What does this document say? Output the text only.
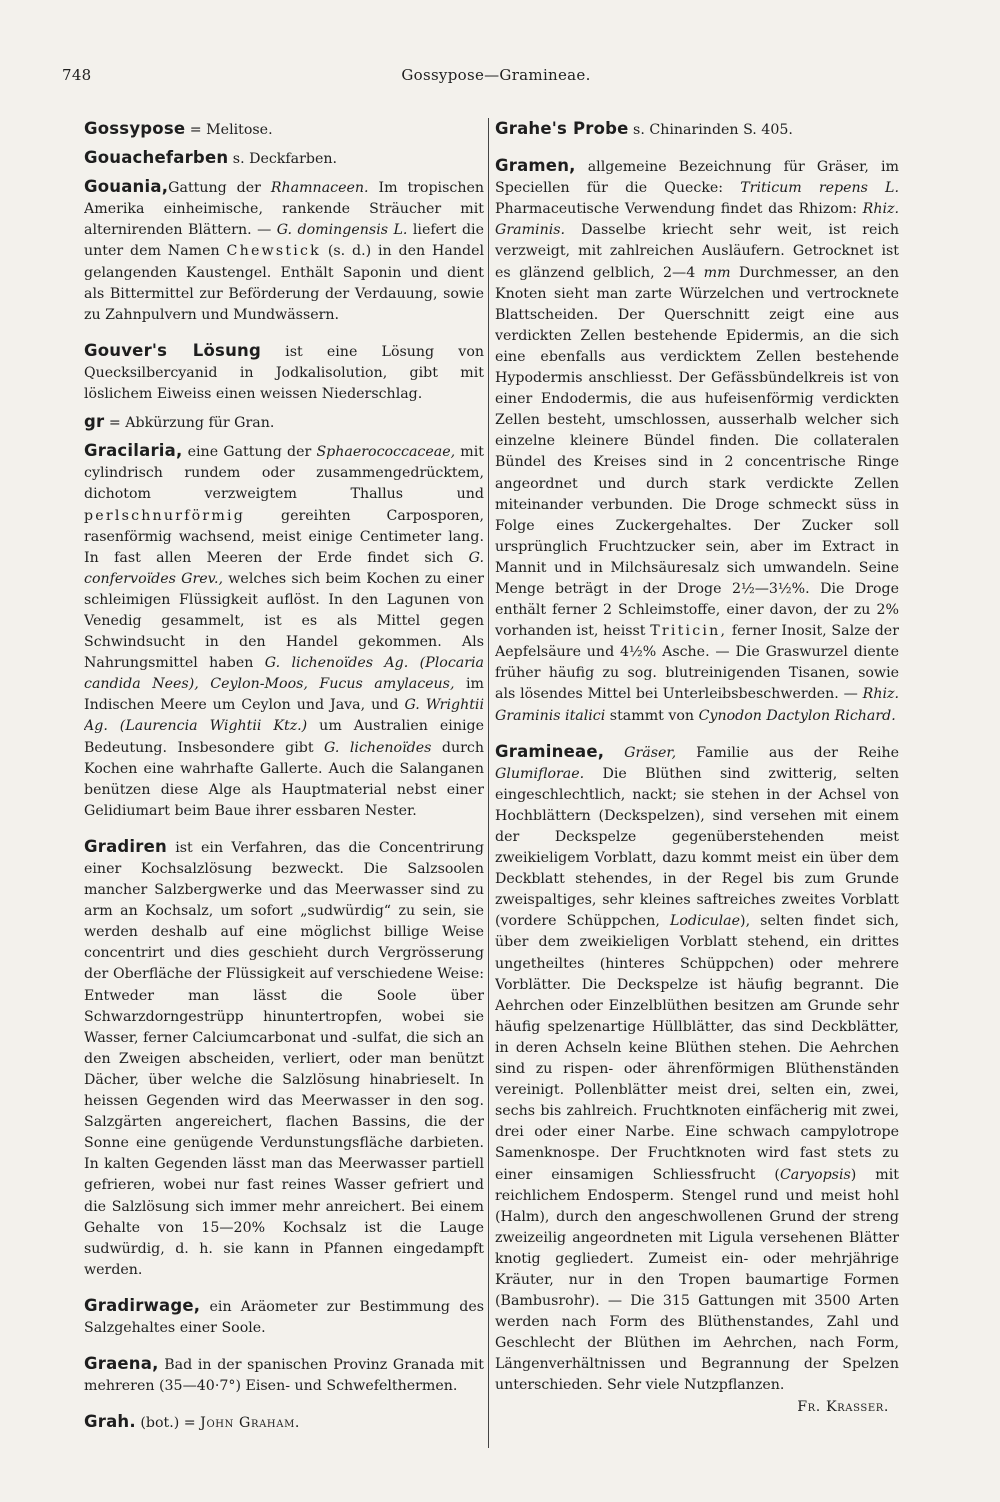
748	Gossypose—Gramineae.

Gossypose = Melitose.

Gouachefarben s. Deckfarben.

Gouania,Gattung der Rhamnaceen. Im tropischen Amerika einheimische, rankende Sträucher mit alternirenden Blättern. — G. domingensis L. liefert die unter dem Namen Chewstick (s. d.) in den Handel gelangenden Kaustengel. Enthält Saponin und dient als Bittermittel zur Beförderung der Verdauung, sowie zu Zahnpulvern und Mundwässern.

Gouver's Lösung ist eine Lösung von Quecksilbercyanid in Jodkalisolution, gibt mit löslichem Eiweiss einen weissen Niederschlag.

gr = Abkürzung für Gran.

Gracilaria, eine Gattung der Sphaerococcaceae, mit cylindrisch rundem oder zusammengedrücktem, dichotom verzweigtem Thallus und perlschnurförmig gereihten Carposporen, rasenförmig wachsend, meist einige Centimeter lang. In fast allen Meeren der Erde findet sich G. confervoïdes Grev., welches sich beim Kochen zu einer schleimigen Flüssigkeit auflöst. In den Lagunen von Venedig gesammelt, ist es als Mittel gegen Schwindsucht in den Handel gekommen. Als Nahrungsmittel haben G. lichenoïdes Ag. (Plocaria candida Nees), Ceylon-Moos, Fucus amylaceus, im Indischen Meere um Ceylon und Java, und G. Wrightii Ag. (Laurencia Wightii Ktz.) um Australien einige Bedeutung. Insbesondere gibt G. lichenoïdes durch Kochen eine wahrhafte Gallerte. Auch die Salanganen benützen diese Alge als Hauptmaterial nebst einer Gelidiumart beim Baue ihrer essbaren Nester.

Gradiren ist ein Verfahren, das die Concentrirung einer Kochsalzlösung bezweckt. Die Salzsoolen mancher Salzbergwerke und das Meerwasser sind zu arm an Kochsalz, um sofort „sudwürdig“ zu sein, sie werden deshalb auf eine möglichst billige Weise concentrirt und dies geschieht durch Vergrösserung der Oberfläche der Flüssigkeit auf verschiedene Weise: Entweder man lässt die Soole über Schwarzdorngestrüpp hinuntertropfen, wobei sie Wasser, ferner Calciumcarbonat und -sulfat, die sich an den Zweigen abscheiden, verliert, oder man benützt Dächer, über welche die Salzlösung hinabrieselt. In heissen Gegenden wird das Meerwasser in den sog. Salzgärten angereichert, flachen Bassins, die der Sonne eine genügende Verdunstungsfläche darbieten. In kalten Gegenden lässt man das Meerwasser partiell gefrieren, wobei nur fast reines Wasser gefriert und die Salzlösung sich immer mehr anreichert. Bei einem Gehalte von 15—20% Kochsalz ist die Lauge sudwürdig, d. h. sie kann in Pfannen eingedampft werden.

Gradirwage, ein Aräometer zur Bestimmung des Salzgehaltes einer Soole.

Graena, Bad in der spanischen Provinz Granada mit mehreren (35—40·7°) Eisen- und Schwefelthermen.

Grah. (bot.) = John Graham.

Grahe's Probe s. Chinarinden S. 405.

Gramen, allgemeine Bezeichnung für Gräser, im Speciellen für die Quecke: Triticum repens L. Pharmaceutische Verwendung findet das Rhizom: Rhiz. Graminis. Dasselbe kriecht sehr weit, ist reich verzweigt, mit zahlreichen Ausläufern. Getrocknet ist es glänzend gelblich, 2—4 mm Durchmesser, an den Knoten sieht man zarte Würzelchen und vertrocknete Blattscheiden. Der Querschnitt zeigt eine aus verdickten Zellen bestehende Epidermis, an die sich eine ebenfalls aus verdicktem Zellen bestehende Hypodermis anschliesst. Der Gefässbündelkreis ist von einer Endodermis, die aus hufeisenförmig verdickten Zellen besteht, umschlossen, ausserhalb welcher sich einzelne kleinere Bündel finden. Die collateralen Bündel des Kreises sind in 2 concentrische Ringe angeordnet und durch stark verdickte Zellen miteinander verbunden. Die Droge schmeckt süss in Folge eines Zuckergehaltes. Der Zucker soll ursprünglich Fruchtzucker sein, aber im Extract in Mannit und in Milchsäuresalz sich umwandeln. Seine Menge beträgt in der Droge 2½—3½%. Die Droge enthält ferner 2 Schleimstoffe, einer davon, der zu 2% vorhanden ist, heisst Triticin, ferner Inosit, Salze der Aepfelsäure und 4½% Asche. — Die Graswurzel diente früher häufig zu sog. blutreinigenden Tisanen, sowie als lösendes Mittel bei Unterleibsbeschwerden. — Rhiz. Graminis italici stammt von Cynodon Dactylon Richard.

Gramineae, Gräser, Familie aus der Reihe Glumiflorae. Die Blüthen sind zwitterig, selten eingeschlechtlich, nackt; sie stehen in der Achsel von Hochblättern (Deckspelzen), sind versehen mit einem der Deckspelze gegenüberstehenden meist zweikieligem Vorblatt, dazu kommt meist ein über dem Deckblatt stehendes, in der Regel bis zum Grunde zweispaltiges, sehr kleines saftreiches zweites Vorblatt (vordere Schüppchen, Lodiculae), selten findet sich, über dem zweikieligen Vorblatt stehend, ein drittes ungetheiltes (hinteres Schüppchen) oder mehrere Vorblätter. Die Deckspelze ist häufig begrannt. Die Aehrchen oder Einzelblüthen besitzen am Grunde sehr häufig spelzenartige Hüllblätter, das sind Deckblätter, in deren Achseln keine Blüthen stehen. Die Aehrchen sind zu rispen- oder ährenförmigen Blüthenständen vereinigt. Pollenblätter meist drei, selten ein, zwei, sechs bis zahlreich. Fruchtknoten einfächerig mit zwei, drei oder einer Narbe. Eine schwach campylotrope Samenknospe. Der Fruchtknoten wird fast stets zu einer einsamigen Schliessfrucht (Caryopsis) mit reichlichem Endosperm. Stengel rund und meist hohl (Halm), durch den angeschwollenen Grund der streng zweizeilig angeordneten mit Ligula versehenen Blätter knotig gegliedert. Zumeist ein- oder mehrjährige Kräuter, nur in den Tropen baumartige Formen (Bambusrohr). — Die 315 Gattungen mit 3500 Arten werden nach Form des Blüthenstandes, Zahl und Geschlecht der Blüthen im Aehrchen, nach Form, Längenverhältnissen und Begrannung der Spelzen unterschieden. Sehr viele Nutzpflanzen.
Fr. Krasser.
